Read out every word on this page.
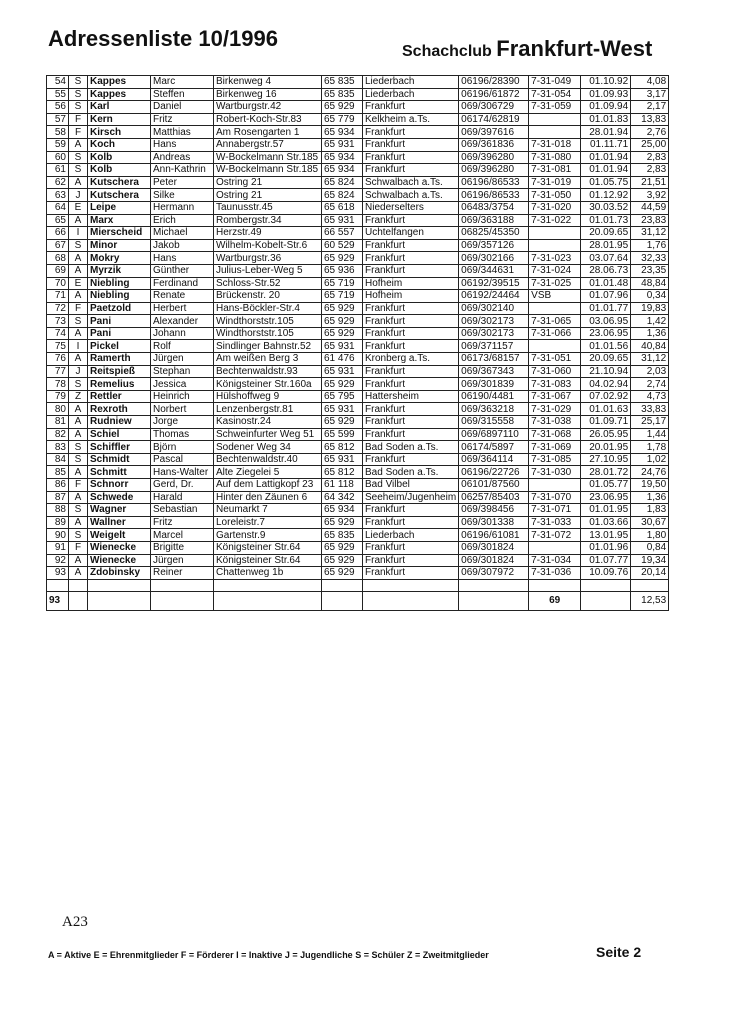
Adressenliste 10/1996
Schachclub Frankfurt-West
54	S	Kappes	Marc	Birkenweg 4	65 835	Liederbach	06196/28390	7-31-049	01.10.92	4,08
55	S	Kappes	Steffen	Birkenweg 16	65 835	Liederbach	06196/61872	7-31-054	01.09.93	3,17
56	S	Karl	Daniel	Wartburgstr.42	65 929	Frankfurt	069/306729	7-31-059	01.09.94	2,17
57	F	Kern	Fritz	Robert-Koch-Str.83	65 779	Kelkheim a.Ts.	06174/62819		01.01.83	13,83
58	F	Kirsch	Matthias	Am Rosengarten 1	65 934	Frankfurt	069/397616		28.01.94	2,76
59	A	Koch	Hans	Annabergstr.57	65 931	Frankfurt	069/361836	7-31-018	01.11.71	25,00
60	S	Kolb	Andreas	W-Bockelmann Str.185	65 934	Frankfurt	069/396280	7-31-080	01.01.94	2,83
61	S	Kolb	Ann-Kathrin	W-Bockelmann Str.185	65 934	Frankfurt	069/396280	7-31-081	01.01.94	2,83
62	A	Kutschera	Peter	Ostring 21	65 824	Schwalbach a.Ts.	06196/86533	7-31-019	01.05.75	21,51
63	J	Kutschera	Silke	Ostring 21	65 824	Schwalbach a.Ts.	06196/86533	7-31-050	01.12.92	3,92
64	E	Leipe	Hermann	Taunusstr.45	65 618	Niederselters	06483/3754	7-31-020	30.03.52	44,59
65	A	Marx	Erich	Rombergstr.34	65 931	Frankfurt	069/363188	7-31-022	01.01.73	23,83
66	I	Mierscheid	Michael	Herzstr.49	66 557	Uchtelfangen	06825/45350		20.09.65	31,12
67	S	Minor	Jakob	Wilhelm-Kobelt-Str.6	60 529	Frankfurt	069/357126		28.01.95	1,76
68	A	Mokry	Hans	Wartburgstr.36	65 929	Frankfurt	069/302166	7-31-023	03.07.64	32,33
69	A	Myrzik	Günther	Julius-Leber-Weg 5	65 936	Frankfurt	069/344631	7-31-024	28.06.73	23,35
70	E	Niebling	Ferdinand	Schloss-Str.52	65 719	Hofheim	06192/39515	7-31-025	01.01.48	48,84
71	A	Niebling	Renate	Brückenstr. 20	65 719	Hofheim	06192/24464	VSB	01.07.96	0,34
72	F	Paetzold	Herbert	Hans-Böckler-Str.4	65 929	Frankfurt	069/302140		01.01.77	19,83
73	S	Pani	Alexander	Windthorststr.105	65 929	Frankfurt	069/302173	7-31-065	03.06.95	1,42
74	A	Pani	Johann	Windthorststr.105	65 929	Frankfurt	069/302173	7-31-066	23.06.95	1,36
75	I	Pickel	Rolf	Sindlinger Bahnstr.52	65 931	Frankfurt	069/371157		01.01.56	40,84
76	A	Ramerth	Jürgen	Am weißen Berg 3	61 476	Kronberg a.Ts.	06173/68157	7-31-051	20.09.65	31,12
77	J	Reitspieß	Stephan	Bechtenwaldstr.93	65 931	Frankfurt	069/367343	7-31-060	21.10.94	2,03
78	S	Remelius	Jessica	Königsteiner Str.160a	65 929	Frankfurt	069/301839	7-31-083	04.02.94	2,74
79	Z	Rettler	Heinrich	Hülshoffweg 9	65 795	Hattersheim	06190/4481	7-31-067	07.02.92	4,73
80	A	Rexroth	Norbert	Lenzenbergstr.81	65 931	Frankfurt	069/363218	7-31-029	01.01.63	33,83
81	A	Rudniew	Jorge	Kasinostr.24	65 929	Frankfurt	069/315558	7-31-038	01.09.71	25,17
82	A	Schiel	Thomas	Schweinfurter Weg 51	65 599	Frankfurt	069/6897110	7-31-068	26.05.95	1,44
83	S	Schiffler	Björn	Sodener Weg 34	65 812	Bad Soden a.Ts.	06174/5897	7-31-069	20.01.95	1,78
84	S	Schmidt	Pascal	Bechtenwaldstr.40	65 931	Frankfurt	069/364114	7-31-085	27.10.95	1,02
85	A	Schmitt	Hans-Walter	Alte Ziegelei 5	65 812	Bad Soden a.Ts.	06196/22726	7-31-030	28.01.72	24,76
86	F	Schnorr	Gerd, Dr.	Auf dem Lattigkopf 23	61 118	Bad Vilbel	06101/87560		01.05.77	19,50
87	A	Schwede	Harald	Hinter den Zäunen 6	64 342	Seeheim/Jugenheim	06257/85403	7-31-070	23.06.95	1,36
88	S	Wagner	Sebastian	Neumarkt 7	65 934	Frankfurt	069/398456	7-31-071	01.01.95	1,83
89	A	Wallner	Fritz	Loreleistr.7	65 929	Frankfurt	069/301338	7-31-033	01.03.66	30,67
90	S	Weigelt	Marcel	Gartenstr.9	65 835	Liederbach	06196/61081	7-31-072	13.01.95	1,80
91	F	Wienecke	Brigitte	Königsteiner Str.64	65 929	Frankfurt	069/301824		01.01.96	0,84
92	A	Wienecke	Jürgen	Königsteiner Str.64	65 929	Frankfurt	069/301824	7-31-034	01.07.77	19,34
93	A	Zdobinsky	Reiner	Chattenweg 1b	65 929	Frankfurt	069/307972	7-31-036	10.09.76	20,14

93								69		12,53
A23
A = Aktive E = Ehrenmitglieder F = Förderer I = Inaktive J = Jugendliche S = Schüler Z = Zweitmitglieder	Seite 2
